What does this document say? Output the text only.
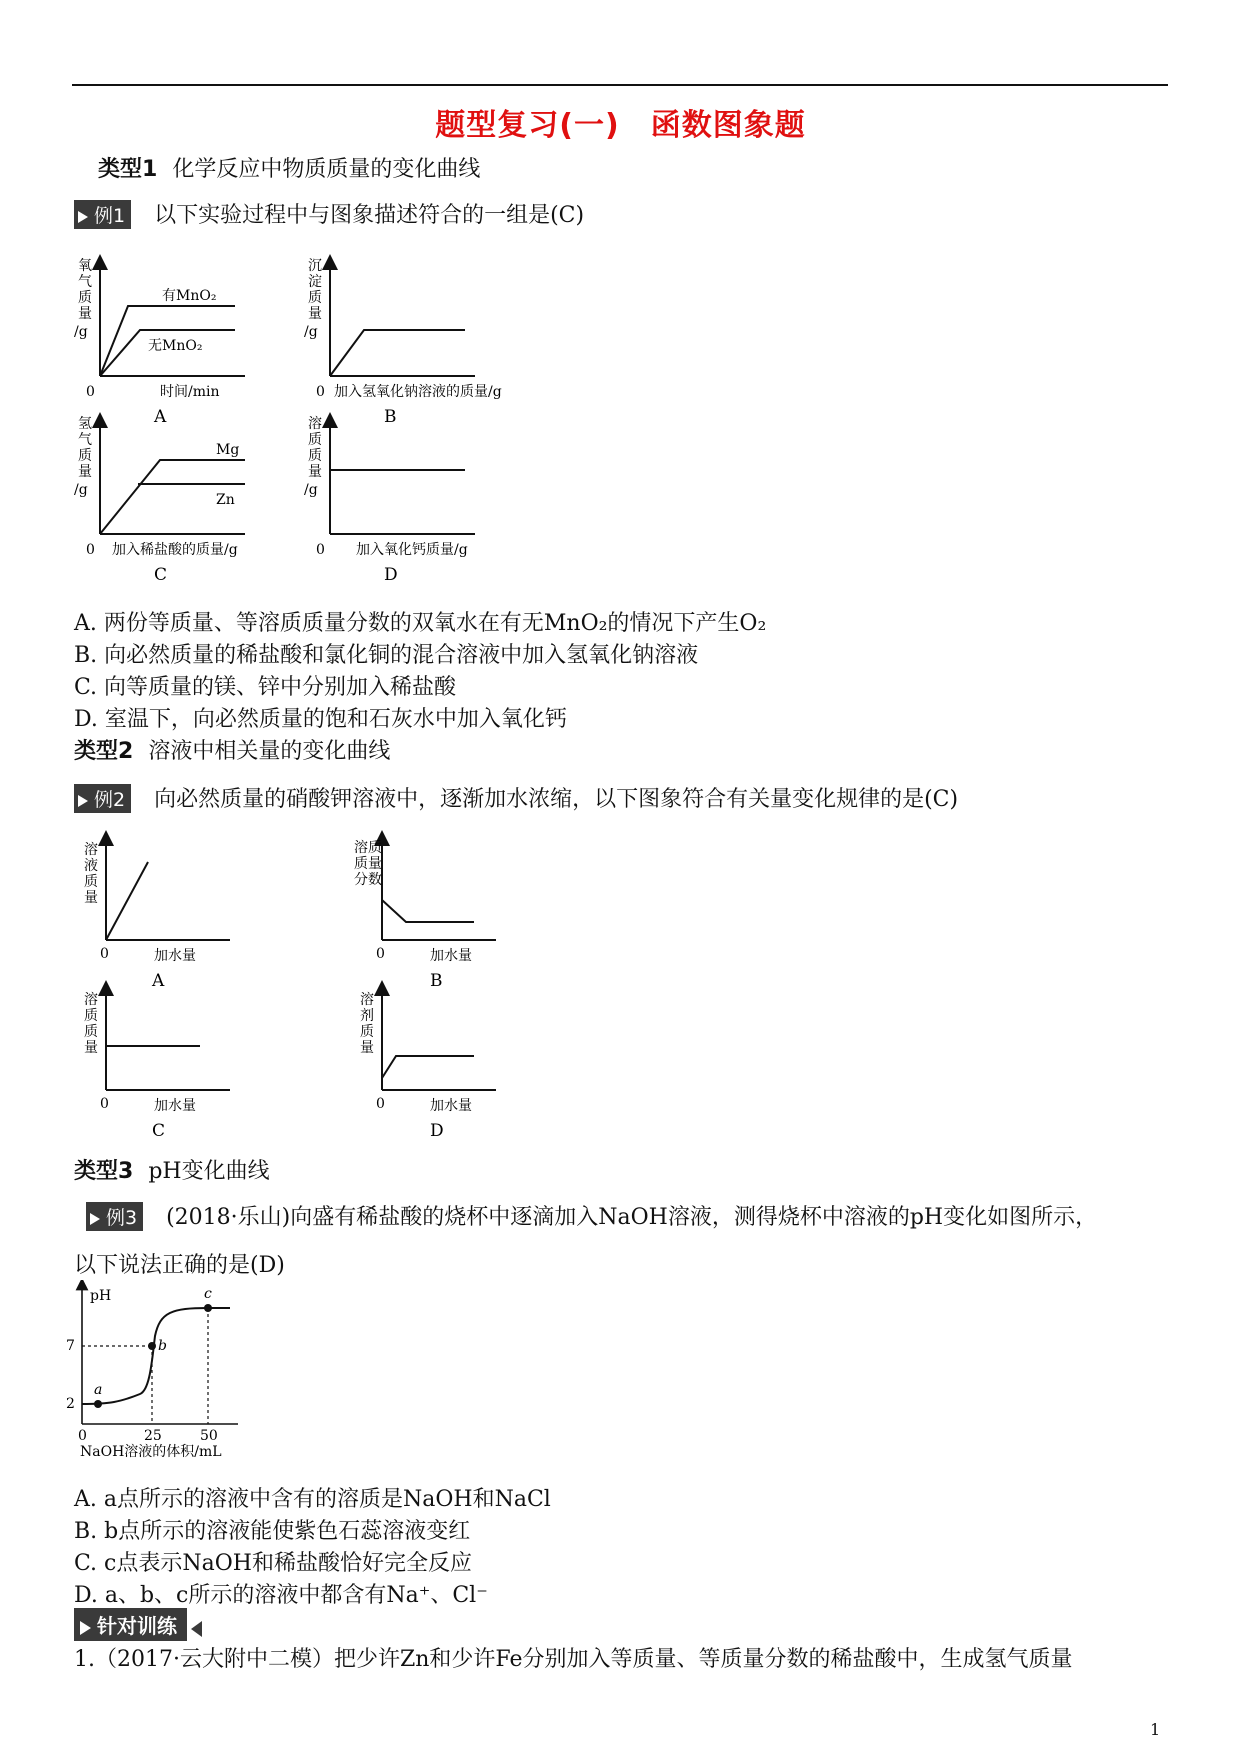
题型复习(一)　函数图象题
类型1 化学反应中物质质量的变化曲线
例1 以下实验过程中与图象描述符合的一组是(C)
氧
气
质
量
/g
有MnO₂
无MnO₂
0	时间/min
A
沉
淀
质
量
/g
0 加入氢氧化钠溶液的质量/g
B
氢
气
质
量
/g
Mg
Zn
0 加入稀盐酸的质量/g
C
溶
质
质
量
/g
0 加入氧化钙质量/g
D
A. 两份等质量、等溶质质量分数的双氧水在有无MnO₂的情况下产生O₂
B. 向必然质量的稀盐酸和氯化铜的混合溶液中加入氢氧化钠溶液
C. 向等质量的镁、锌中分别加入稀盐酸
D. 室温下，向必然质量的饱和石灰水中加入氧化钙
类型2 溶液中相关量的变化曲线
例2 向必然质量的硝酸钾溶液中，逐渐加水浓缩，以下图象符合有关量变化规律的是(C)
溶
液
质
量
0	加水量
A
溶质
质量
分数
0	加水量
B
溶
质
质
量
0	加水量
C
溶
剂
质
量
0	加水量
D
类型3 pH变化曲线
例3 (2018·乐山)向盛有稀盐酸的烧杯中逐滴加入NaOH溶液，测得烧杯中溶液的pH变化如图所示，
以下说法正确的是(D)
pH
a
b
c
7
2
0	25	50
NaOH溶液的体积/mL
A. a点所示的溶液中含有的溶质是NaOH和NaCl
B. b点所示的溶液能使紫色石蕊溶液变红
C. c点表示NaOH和稀盐酸恰好完全反应
D. a、b、c所示的溶液中都含有Na⁺、Cl⁻
针对训练
1.（2017·云大附中二模）把少许Zn和少许Fe分别加入等质量、等质量分数的稀盐酸中，生成氢气质量
1
